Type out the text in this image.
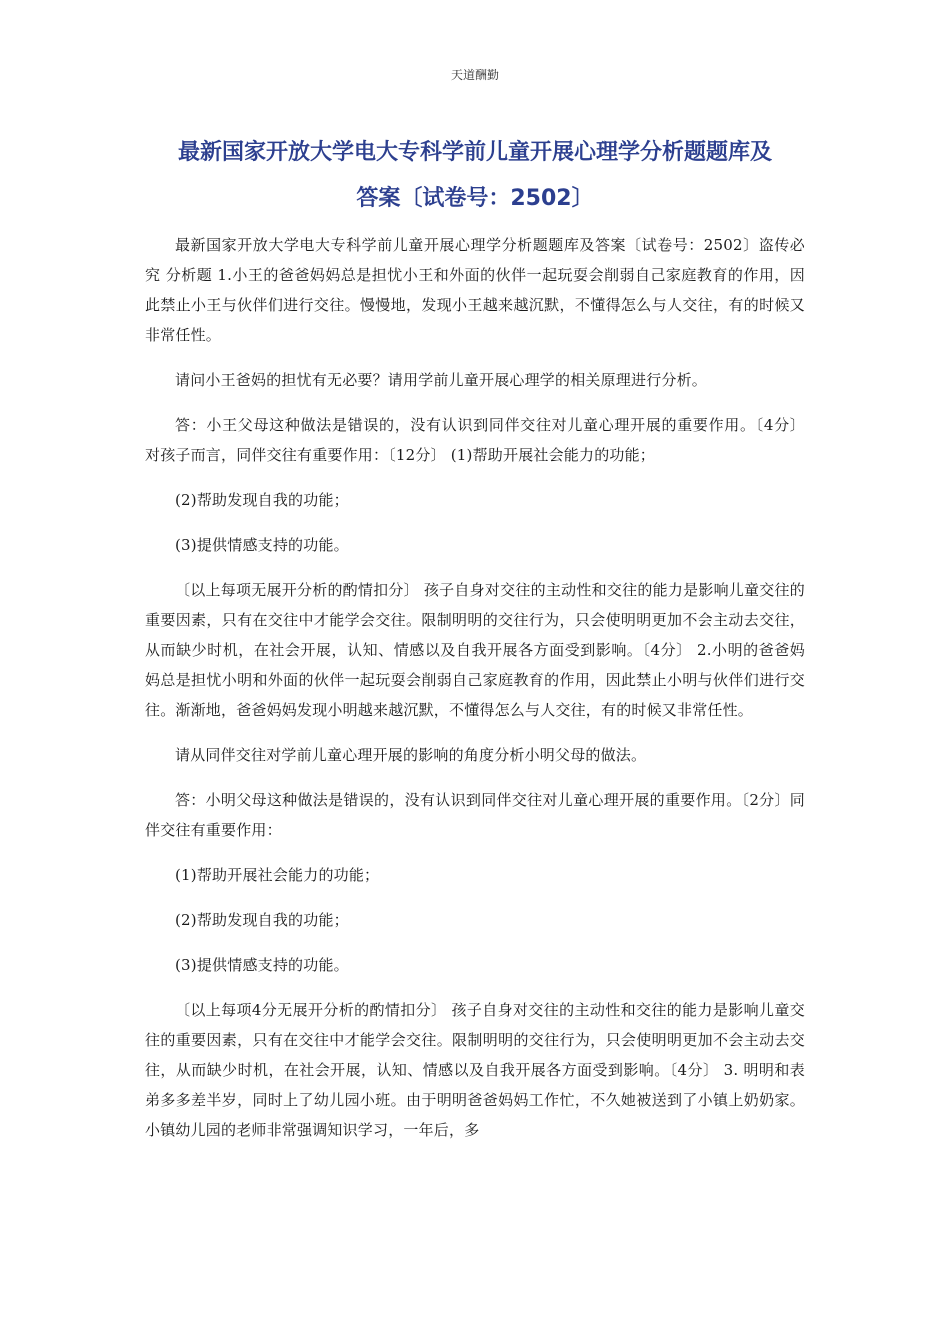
天道酬勤
最新国家开放大学电大专科学前儿童开展心理学分析题题库及
答案〔试卷号：2502〕

最新国家开放大学电大专科学前儿童开展心理学分析题题库及答案〔试卷号：2502〕盗传必究 分析题 1.小王的爸爸妈妈总是担忧小王和外面的伙伴一起玩耍会削弱自己家庭教育的作用，因此禁止小王与伙伴们进行交往。慢慢地，发现小王越来越沉默，不懂得怎么与人交往，有的时候又非常任性。

请问小王爸妈的担忧有无必要？请用学前儿童开展心理学的相关原理进行分析。

答：小王父母这种做法是错误的，没有认识到同伴交往对儿童心理开展的重要作用。〔4分〕 对孩子而言，同伴交往有重要作用：〔12分〕 (1)帮助开展社会能力的功能；

(2)帮助发现自我的功能；

(3)提供情感支持的功能。

〔以上每项无展开分析的酌情扣分〕 孩子自身对交往的主动性和交往的能力是影响儿童交往的重要因素，只有在交往中才能学会交往。限制明明的交往行为，只会使明明更加不会主动去交往，从而缺少时机，在社会开展，认知、情感以及自我开展各方面受到影响。〔4分〕 2.小明的爸爸妈妈总是担忧小明和外面的伙伴一起玩耍会削弱自己家庭教育的作用，因此禁止小明与伙伴们进行交往。渐渐地，爸爸妈妈发现小明越来越沉默，不懂得怎么与人交往，有的时候又非常任性。

请从同伴交往对学前儿童心理开展的影响的角度分析小明父母的做法。

答：小明父母这种做法是错误的，没有认识到同伴交往对儿童心理开展的重要作用。〔2分〕同伴交往有重要作用：

(1)帮助开展社会能力的功能；

(2)帮助发现自我的功能；

(3)提供情感支持的功能。

〔以上每项4分无展开分析的酌情扣分〕 孩子自身对交往的主动性和交往的能力是影响儿童交往的重要因素，只有在交往中才能学会交往。限制明明的交往行为，只会使明明更加不会主动去交往，从而缺少时机，在社会开展，认知、情感以及自我开展各方面受到影响。〔4分〕 3. 明明和表弟多多差半岁，同时上了幼儿园小班。由于明明爸爸妈妈工作忙，不久她被送到了小镇上奶奶家。小镇幼儿园的老师非常强调知识学习，一年后，多
